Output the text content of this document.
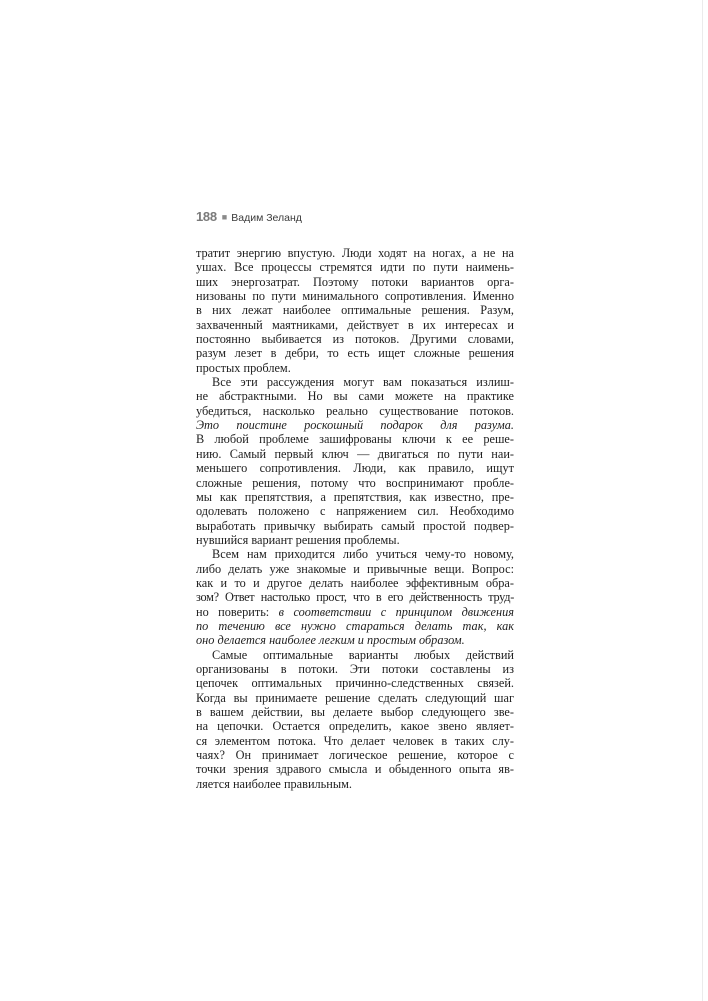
188 ■ Вадим Зеланд
тратит энергию впустую. Люди ходят на ногах, а не на
ушах. Все процессы стремятся идти по пути наимень-
ших энергозатрат. Поэтому потоки вариантов орга-
низованы по пути минимального сопротивления. Именно
в них лежат наиболее оптимальные решения. Разум,
захваченный маятниками, действует в их интересах и
постоянно выбивается из потоков. Другими словами,
разум лезет в дебри, то есть ищет сложные решения
простых проблем.
Все эти рассуждения могут вам показаться излиш-
не абстрактными. Но вы сами можете на практике
убедиться, насколько реально существование потоков.
Это поистине роскошный подарок для разума.
В любой проблеме зашифрованы ключи к ее реше-
нию. Самый первый ключ — двигаться по пути наи-
меньшего сопротивления. Люди, как правило, ищут
сложные решения, потому что воспринимают пробле-
мы как препятствия, а препятствия, как известно, пре-
одолевать положено с напряжением сил. Необходимо
выработать привычку выбирать самый простой подвер-
нувшийся вариант решения проблемы.
Всем нам приходится либо учиться чему-то новому,
либо делать уже знакомые и привычные вещи. Вопрос:
как и то и другое делать наиболее эффективным обра-
зом? Ответ настолько прост, что в его действенность труд-
но поверить: в соответствии с принципом движения
по течению все нужно стараться делать так, как
оно делается наиболее легким и простым образом.
Самые оптимальные варианты любых действий
организованы в потоки. Эти потоки составлены из
цепочек оптимальных причинно-следственных связей.
Когда вы принимаете решение сделать следующий шаг
в вашем действии, вы делаете выбор следующего зве-
на цепочки. Остается определить, какое звено являет-
ся элементом потока. Что делает человек в таких слу-
чаях? Он принимает логическое решение, которое с
точки зрения здравого смысла и обыденного опыта яв-
ляется наиболее правильным.
